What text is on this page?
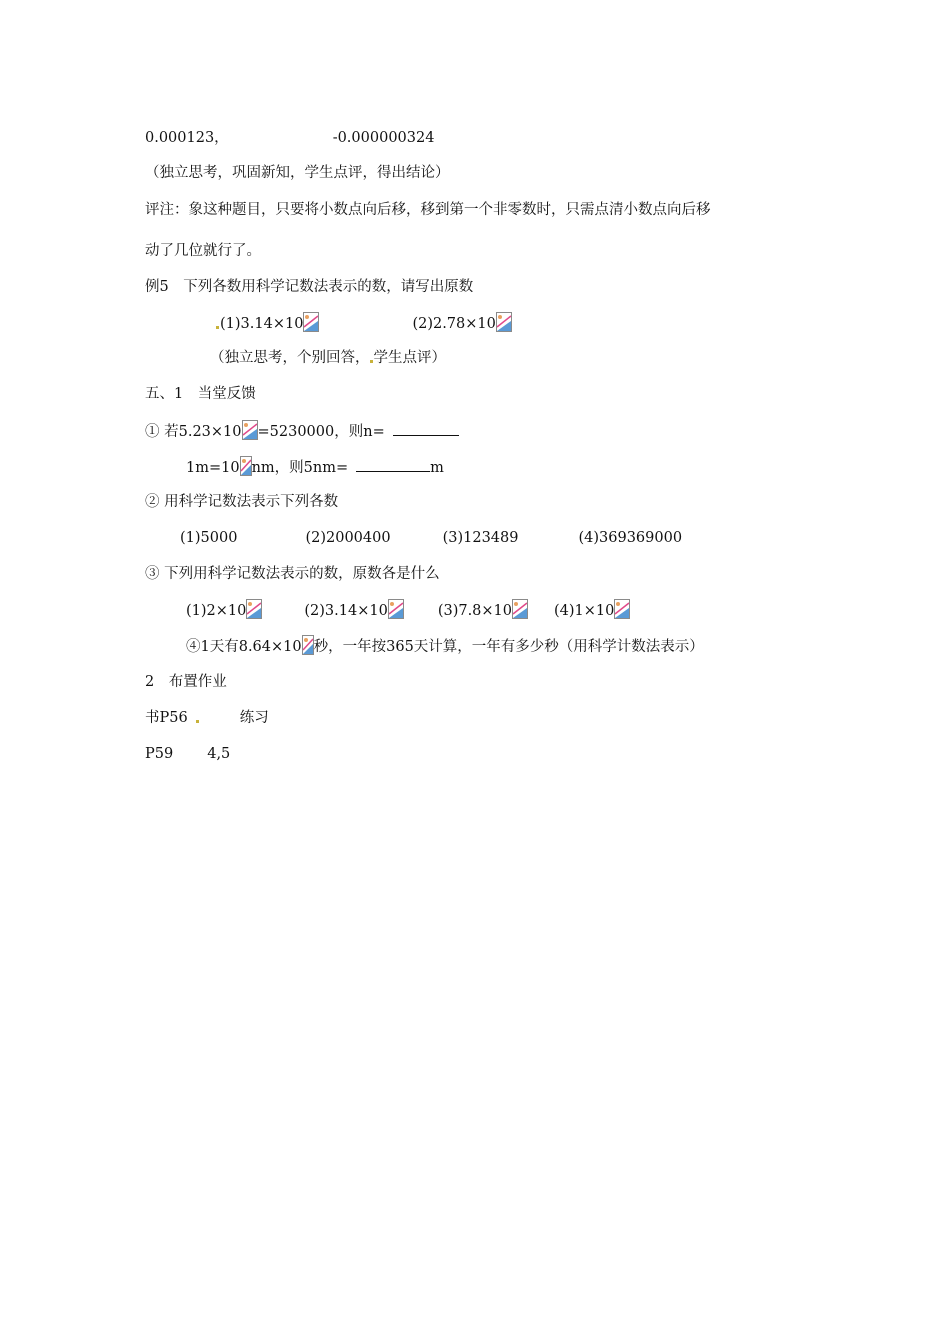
0.000123，	-0.000000324
（独立思考，巩固新知，学生点评，得出结论）
评注：象这种题目，只要将小数点向后移，移到第一个非零数时，只需点清小数点向后移
动了几位就行了。
例5　下列各数用科学记数法表示的数，请写出原数
(1)3.14×10	(2)2.78×10
（独立思考，个别回答， 学生点评）
五、1　当堂反馈
① 若5.23×10 =5230000，则n=
1m=10 nm，则5nm=	m
② 用科学记数法表示下列各数
(1)5000	(2)2000400	(3)123489	(4)369369000
③ 下列用科学记数法表示的数，原数各是什么
(1)2×10	(2)3.14×10	(3)7.8×10	(4)1×10
④1天有8.64×10 秒，一年按365天计算，一年有多少秒（用科学计数法表示）
2　布置作业
书P56	练习
P59 4,5
